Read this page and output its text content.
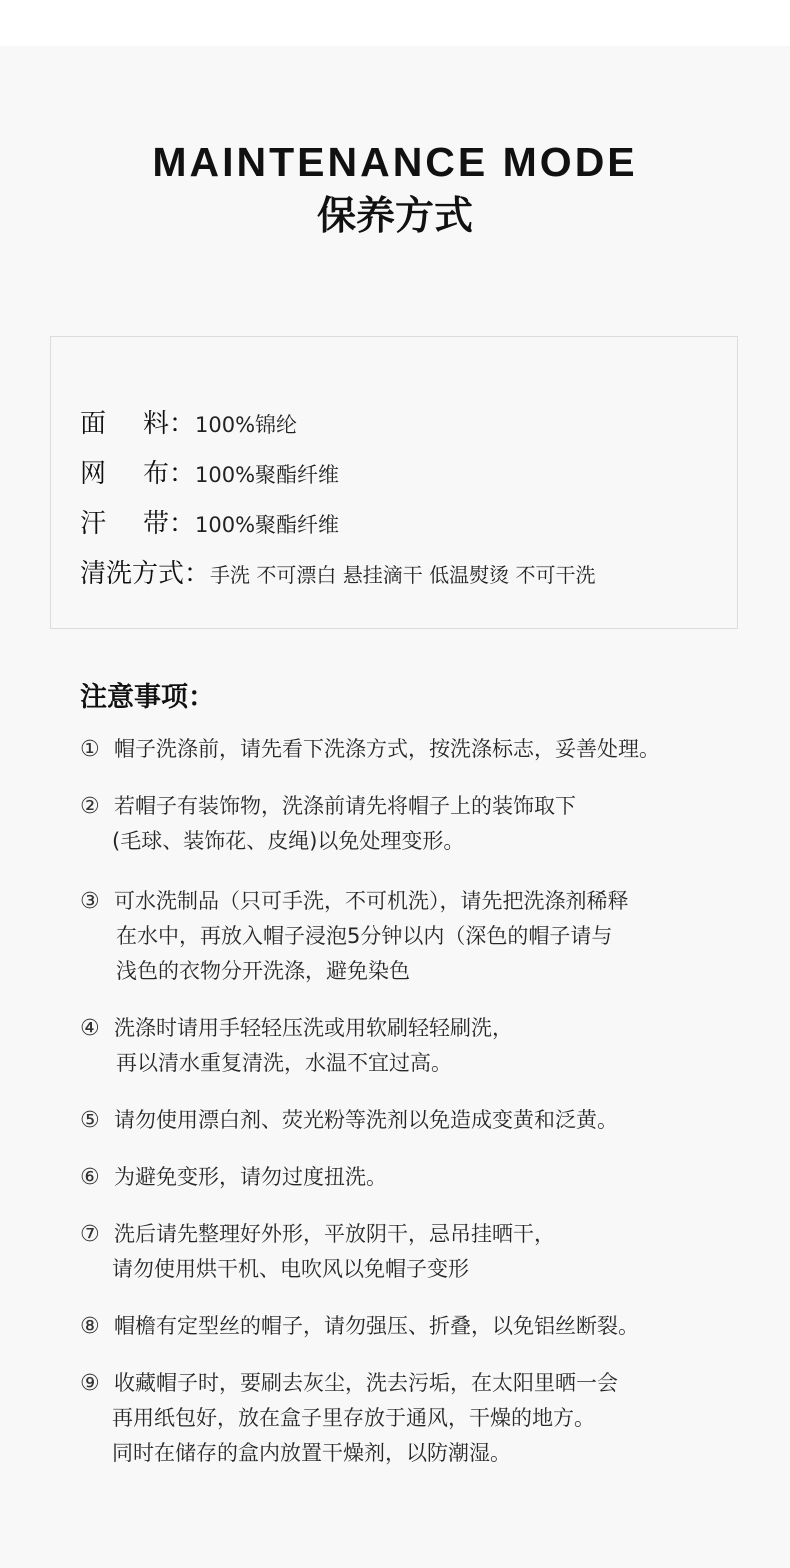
MAINTENANCE MODE
保养方式
面 料： 100%锦纶
网 布： 100%聚酯纤维
汗 带： 100%聚酯纤维
清洗方式： 手洗 不可漂白 悬挂滴干 低温熨烫 不可干洗
注意事项：
① 帽子洗涤前，请先看下洗涤方式，按洗涤标志，妥善处理。
② 若帽子有装饰物，洗涤前请先将帽子上的装饰取下
(毛球、装饰花、皮绳)以免处理变形。
③ 可水洗制品（只可手洗，不可机洗），请先把洗涤剂稀释
在水中，再放入帽子浸泡5分钟以内（深色的帽子请与
浅色的衣物分开洗涤，避免染色
④ 洗涤时请用手轻轻压洗或用软刷轻轻刷洗，
再以清水重复清洗，水温不宜过高。
⑤ 请勿使用漂白剂、荧光粉等洗剂以免造成变黄和泛黄。
⑥ 为避免变形，请勿过度扭洗。
⑦ 洗后请先整理好外形，平放阴干，忌吊挂晒干，
请勿使用烘干机、电吹风以免帽子变形
⑧ 帽檐有定型丝的帽子，请勿强压、折叠，以免铝丝断裂。
⑨ 收藏帽子时，要刷去灰尘，洗去污垢，在太阳里晒一会
再用纸包好，放在盒子里存放于通风，干燥的地方。
同时在储存的盒内放置干燥剂，以防潮湿。
